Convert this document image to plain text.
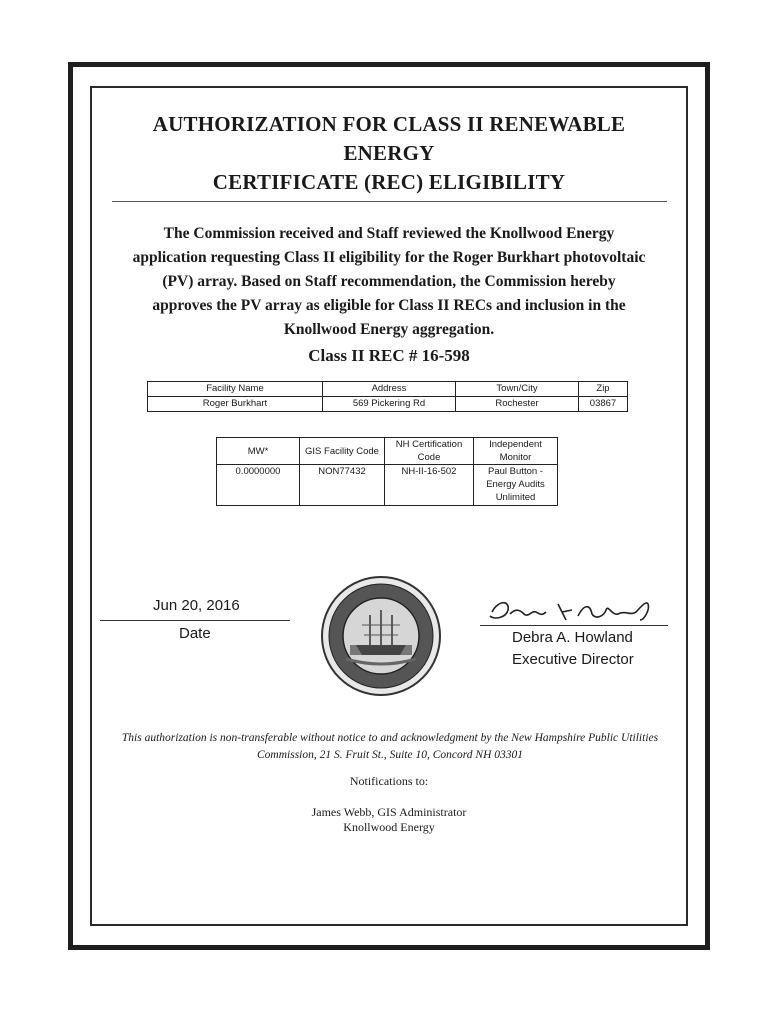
AUTHORIZATION FOR CLASS II RENEWABLE
ENERGY
CERTIFICATE (REC) ELIGIBILITY
The Commission received and Staff reviewed the Knollwood Energy
application requesting Class II eligibility for the Roger Burkhart photovoltaic
(PV) array. Based on Staff recommendation, the Commission hereby
approves the PV array as eligible for Class II RECs and inclusion in the
Knollwood Energy aggregation.
Class II REC # 16-598
Facility Name	Address	Town/City	Zip
Roger Burkhart	569 Pickering Rd	Rochester	03867
MW*	GIS Facility Code	NH Certification Code	Independent Monitor
0.0000000	NON77432	NH-II-16-502	Paul Button - Energy Audits Unlimited
Jun 20, 2016
Date	Debra A. Howland
Executive Director
This authorization is non-transferable without notice to and acknowledgment by the New Hampshire Public Utilities Commission, 21 S. Fruit St., Suite 10, Concord NH 03301
Notifications to:
James Webb, GIS Administrator
Knollwood Energy
